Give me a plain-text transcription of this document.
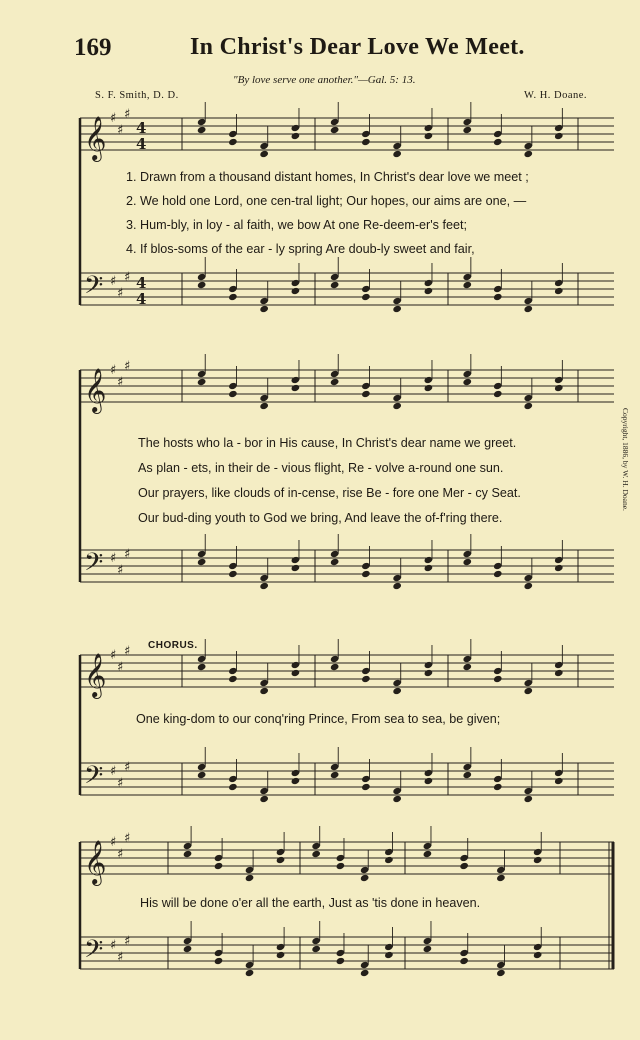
169	In Christ's Dear Love We Meet.
"By love serve one another."—Gal. 5: 13.
S. F. Smith, D. D.	W. H. Doane.
Copyright, 1886, by W. H. Doane.
𝄞
𝄢
♯
♯
♯
♯
♯
♯
4
4
4
4
𝄞
𝄢
♯
♯
♯
♯
♯
♯
𝄞
𝄢
♯
♯
♯
♯
♯
♯
𝄞
𝄢
♯
♯
♯
♯
♯
♯
1. Drawn from a thousand distant homes, In Christ's dear love we meet ;
2. We hold one Lord, one cen-tral light; Our hopes, our aims are one, —
3. Hum-bly, in loy - al faith, we bow At one Re-deem-er's feet;
4. If blos-soms of the ear - ly spring Are doub-ly sweet and fair,
The hosts who la - bor in His cause, In Christ's dear name we greet.
As plan - ets, in their de - vious flight, Re - volve a-round one sun.
Our prayers, like clouds of in-cense, rise Be - fore one Mer - cy Seat.
Our bud-ding youth to God we bring, And leave the of-f'ring there.
CHORUS.
One king-dom to our conq'ring Prince, From sea to sea, be given;
His will be done o'er all the earth, Just as 'tis done in heaven.
